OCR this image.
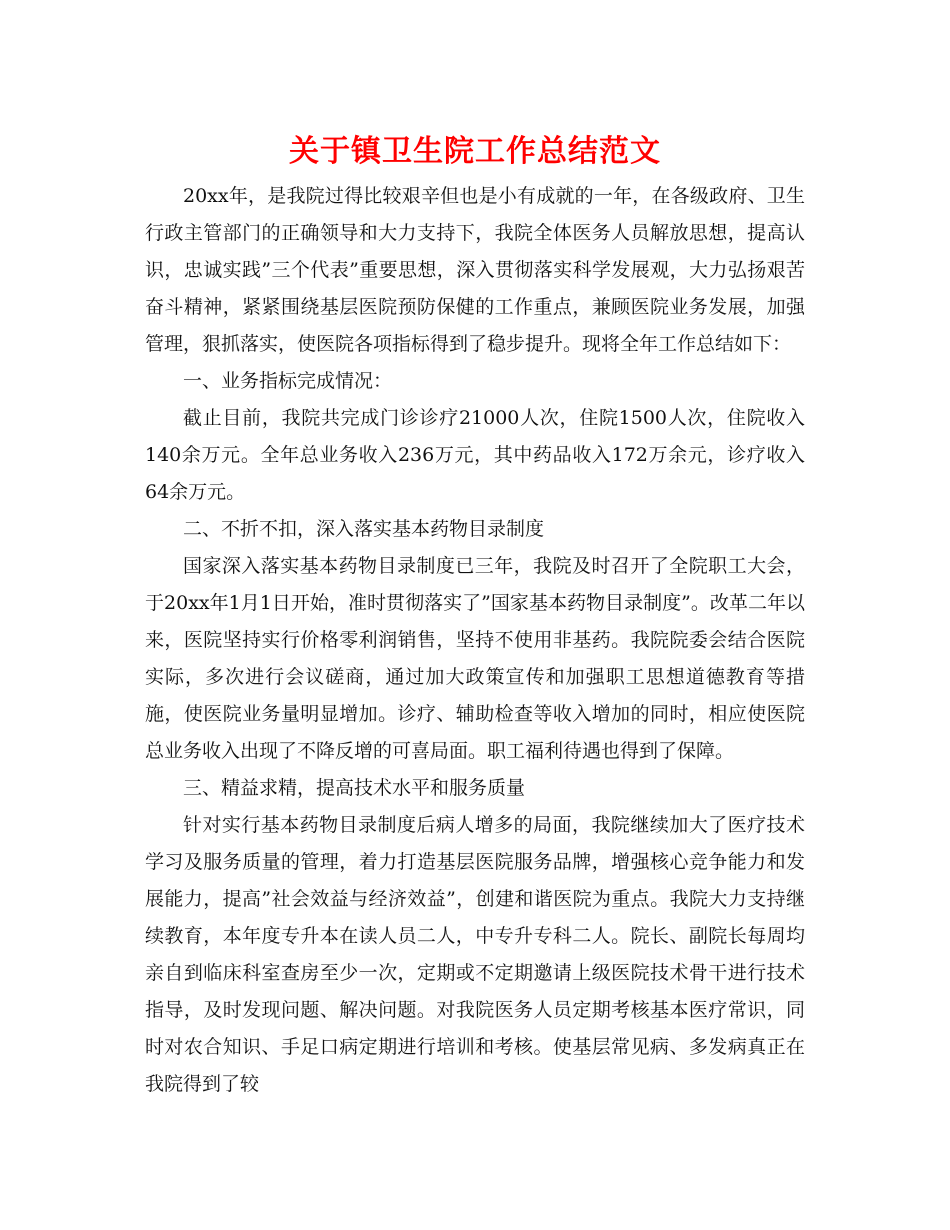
关于镇卫生院工作总结范文

20xx年，是我院过得比较艰辛但也是小有成就的一年，在各级政府、卫生行政主管部门的正确领导和大力支持下，我院全体医务人员解放思想，提高认识，忠诚实践”三个代表”重要思想，深入贯彻落实科学发展观，大力弘扬艰苦奋斗精神，紧紧围绕基层医院预防保健的工作重点，兼顾医院业务发展，加强管理，狠抓落实，使医院各项指标得到了稳步提升。现将全年工作总结如下：

一、业务指标完成情况：

截止目前，我院共完成门诊诊疗21000人次，住院1500人次，住院收入140余万元。全年总业务收入236万元，其中药品收入172万余元，诊疗收入64余万元。

二、不折不扣，深入落实基本药物目录制度

国家深入落实基本药物目录制度已三年，我院及时召开了全院职工大会，于20xx年1月1日开始，准时贯彻落实了”国家基本药物目录制度”。改革二年以来，医院坚持实行价格零利润销售，坚持不使用非基药。我院院委会结合医院实际，多次进行会议磋商，通过加大政策宣传和加强职工思想道德教育等措施，使医院业务量明显增加。诊疗、辅助检查等收入增加的同时，相应使医院总业务收入出现了不降反增的可喜局面。职工福利待遇也得到了保障。

三、精益求精，提高技术水平和服务质量

针对实行基本药物目录制度后病人增多的局面，我院继续加大了医疗技术学习及服务质量的管理，着力打造基层医院服务品牌，增强核心竞争能力和发展能力，提高”社会效益与经济效益”，创建和谐医院为重点。我院大力支持继续教育，本年度专升本在读人员二人，中专升专科二人。院长、副院长每周均亲自到临床科室查房至少一次，定期或不定期邀请上级医院技术骨干进行技术指导，及时发现问题、解决问题。对我院医务人员定期考核基本医疗常识，同时对农合知识、手足口病定期进行培训和考核。使基层常见病、多发病真正在我院得到了较
